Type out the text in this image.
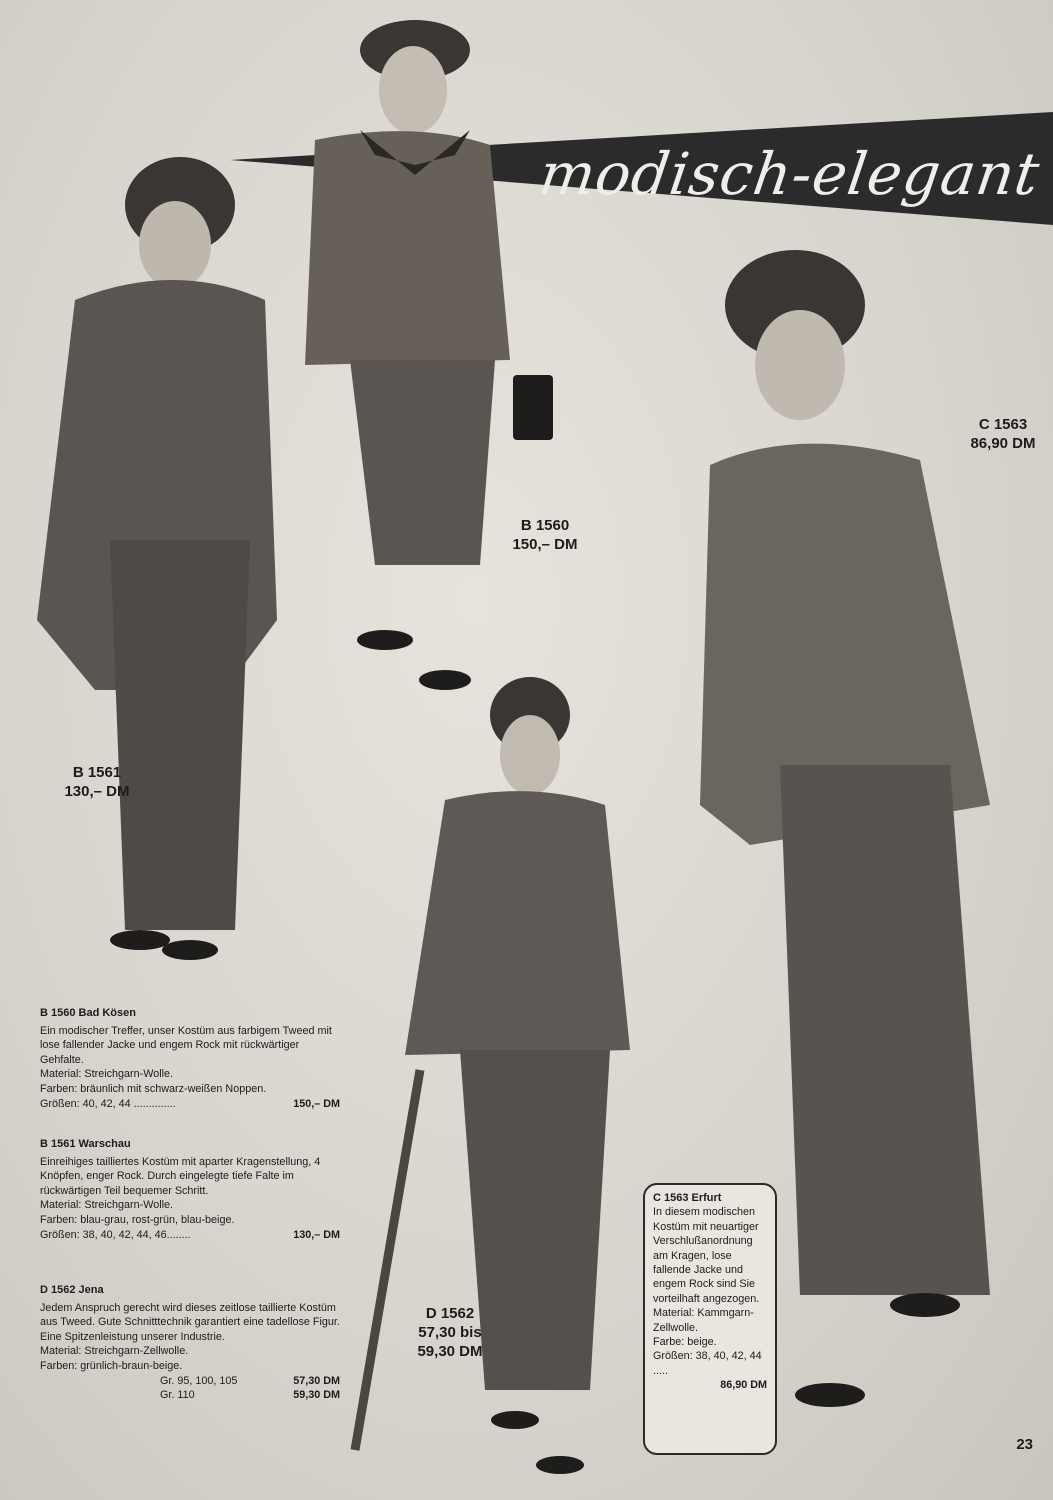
modisch-elegant
B 1561
130,– DM
B 1560
150,– DM
C 1563
86,90 DM
D 1562
57,30 bis
59,30 DM
B 1560 Bad Kösen

Ein modischer Treffer, unser Kostüm aus farbigem Tweed mit lose fallender Jacke und engem Rock mit rückwärtiger Gehfalte.

Material: Streichgarn-Wolle.

Farben: bräunlich mit schwarz-weißen Noppen.

Größen: 40, 42, 44 ..............	150,– DM
B 1561 Warschau

Einreihiges tailliertes Kostüm mit aparter Kragenstellung, 4 Knöpfen, enger Rock. Durch eingelegte tiefe Falte im rückwärtigen Teil bequemer Schritt.

Material: Streichgarn-Wolle.

Farben: blau-grau, rost-grün, blau-beige.

Größen: 38, 40, 42, 44, 46........	130,– DM
D 1562 Jena

Jedem Anspruch gerecht wird dieses zeitlose taillierte Kostüm aus Tweed. Gute Schnitttechnik garantiert eine tadellose Figur. Eine Spitzenleistung unserer Industrie.

Material: Streichgarn-Zellwolle.

Farben: grünlich-braun-beige.

Gr. 95, 100, 105	57,30 DM
Gr. 110	59,30 DM
C 1563 Erfurt

In diesem modischen Kostüm mit neuartiger Verschlußanordnung am Kragen, lose fallende Jacke und engem Rock sind Sie vorteilhaft angezogen.

Material: Kammgarn-Zellwolle.

Farbe: beige.

Größen: 38, 40, 42, 44 .....

86,90 DM

23
